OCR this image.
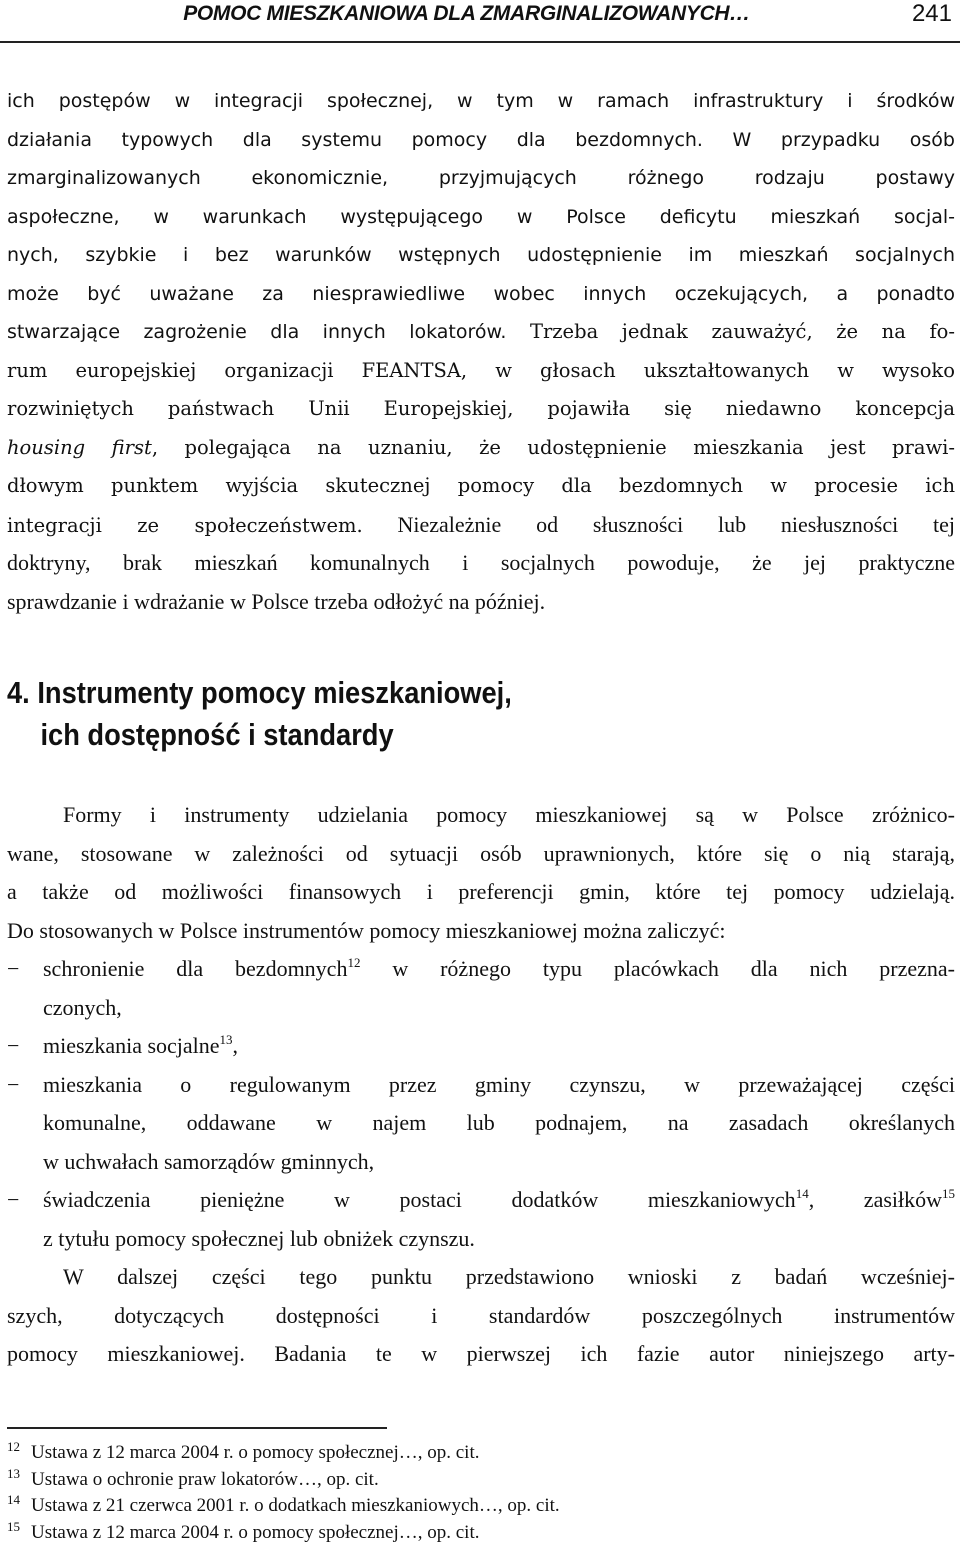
POMOC MIESZKANIOWA DLA ZMARGINALIZOWANYCH…	241
ich postępów w integracji społecznej, w tym w ramach infrastruktury i środków
działania typowych dla systemu pomocy dla bezdomnych. W przypadku osób
zmarginalizowanych ekonomicznie, przyjmujących różnego rodzaju postawy
aspołeczne, w warunkach występującego w Polsce deficytu mieszkań socjal-
nych, szybkie i bez warunków wstępnych udostępnienie im mieszkań socjalnych
może być uważane za niesprawiedliwe wobec innych oczekujących, a ponadto
stwarzające zagrożenie dla innych lokatorów. Trzeba jednak zauważyć, że na fo-
rum europejskiej organizacji FEANTSA, w głosach ukształtowanych w wysoko
rozwiniętych państwach Unii Europejskiej, pojawiła się niedawno koncepcja
housing first, polegająca na uznaniu, że udostępnienie mieszkania jest prawi-
dłowym punktem wyjścia skutecznej pomocy dla bezdomnych w procesie ich
integracji ze społeczeństwem. Niezależnie od słuszności lub niesłuszności tej
doktryny, brak mieszkań komunalnych i socjalnych powoduje, że jej praktyczne
sprawdzanie i wdrażanie w Polsce trzeba odłożyć na później.
4. Instrumenty pomocy mieszkaniowej,
ich dostępność i standardy
Formy i instrumenty udzielania pomocy mieszkaniowej są w Polsce zróżnico-
wane, stosowane w zależności od sytuacji osób uprawnionych, które się o nią starają,
a także od możliwości finansowych i preferencji gmin, które tej pomocy udzielają.
Do stosowanych w Polsce instrumentów pomocy mieszkaniowej można zaliczyć:
−	schronienie dla bezdomnych$^{12}$ w różnego typu placówkach dla nich przezna-
czonych,
−	mieszkania socjalne$^{13}$,
−	mieszkania o regulowanym przez gminy czynszu, w przeważającej części
komunalne, oddawane w najem lub podnajem, na zasadach określanych
w uchwałach samorządów gminnych,
−	świadczenia pieniężne w postaci dodatków mieszkaniowych$^{14}$, zasiłków$^{15}$
z tytułu pomocy społecznej lub obniżek czynszu.
W dalszej części tego punktu przedstawiono wnioski z badań wcześniej-
szych, dotyczących dostępności i standardów poszczególnych instrumentów
pomocy mieszkaniowej. Badania te w pierwszej ich fazie autor niniejszego arty-
12 Ustawa z 12 marca 2004 r. o pomocy społecznej…, op. cit.
13 Ustawa o ochronie praw lokatorów…, op. cit.
14 Ustawa z 21 czerwca 2001 r. o dodatkach mieszkaniowych…, op. cit.
15 Ustawa z 12 marca 2004 r. o pomocy społecznej…, op. cit.
